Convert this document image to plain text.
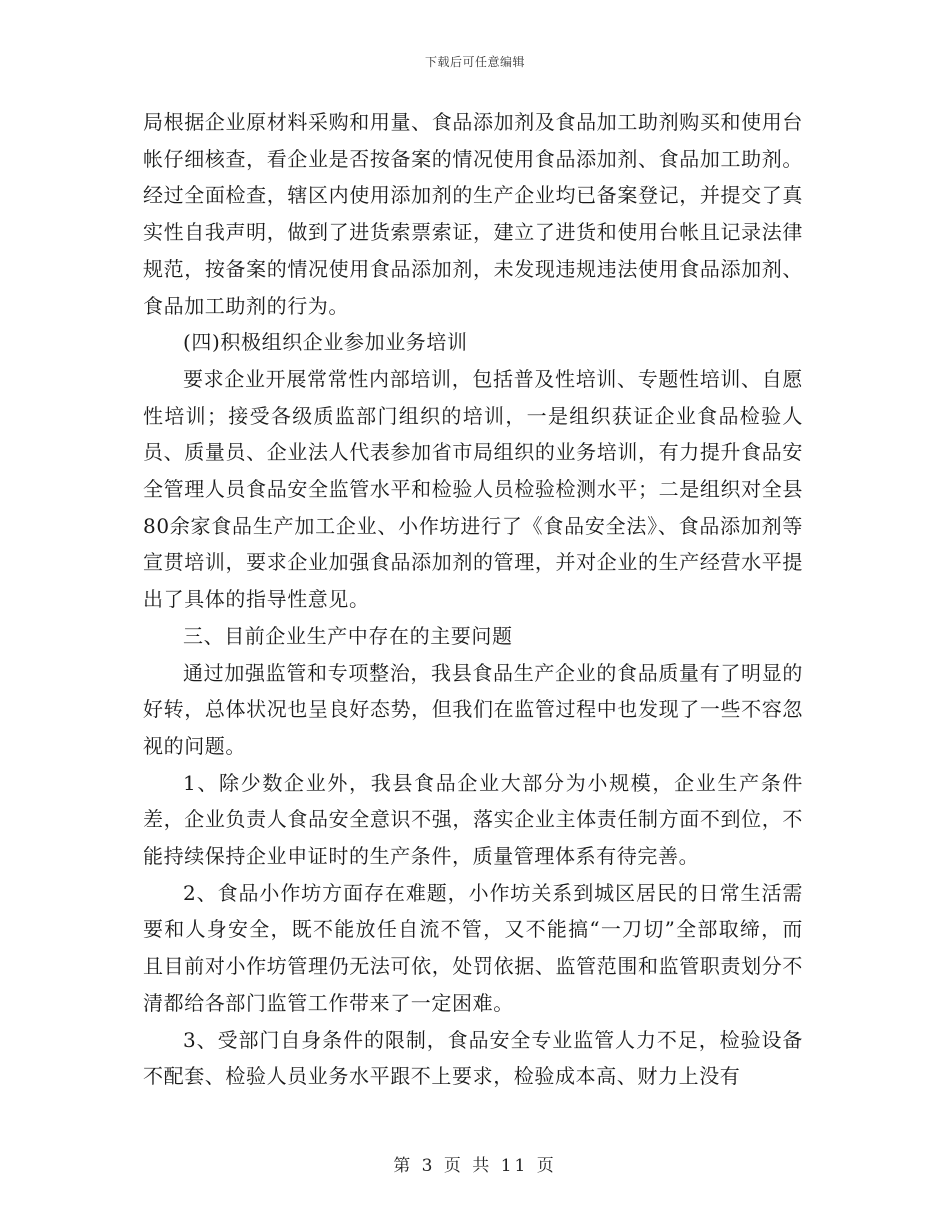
下载后可任意编辑

局根据企业原材料采购和用量、食品添加剂及食品加工助剂购买和使用台帐仔细核查，看企业是否按备案的情况使用食品添加剂、食品加工助剂。经过全面检查，辖区内使用添加剂的生产企业均已备案登记，并提交了真实性自我声明，做到了进货索票索证，建立了进货和使用台帐且记录法律规范，按备案的情况使用食品添加剂，未发现违规违法使用食品添加剂、食品加工助剂的行为。

(四)积极组织企业参加业务培训

要求企业开展常常性内部培训，包括普及性培训、专题性培训、自愿性培训；接受各级质监部门组织的培训，一是组织获证企业食品检验人员、质量员、企业法人代表参加省市局组织的业务培训，有力提升食品安全管理人员食品安全监管水平和检验人员检验检测水平；二是组织对全县80余家食品生产加工企业、小作坊进行了《食品安全法》、食品添加剂等宣贯培训，要求企业加强食品添加剂的管理，并对企业的生产经营水平提出了具体的指导性意见。

三、目前企业生产中存在的主要问题

通过加强监管和专项整治，我县食品生产企业的食品质量有了明显的好转，总体状况也呈良好态势，但我们在监管过程中也发现了一些不容忽视的问题。

1、除少数企业外，我县食品企业大部分为小规模，企业生产条件差，企业负责人食品安全意识不强，落实企业主体责任制方面不到位，不能持续保持企业申证时的生产条件，质量管理体系有待完善。

2、食品小作坊方面存在难题，小作坊关系到城区居民的日常生活需要和人身安全，既不能放任自流不管，又不能搞“一刀切”全部取缔，而且目前对小作坊管理仍无法可依，处罚依据、监管范围和监管职责划分不清都给各部门监管工作带来了一定困难。

3、受部门自身条件的限制，食品安全专业监管人力不足，检验设备不配套、检验人员业务水平跟不上要求，检验成本高、财力上没有

第 3 页 共 11 页
